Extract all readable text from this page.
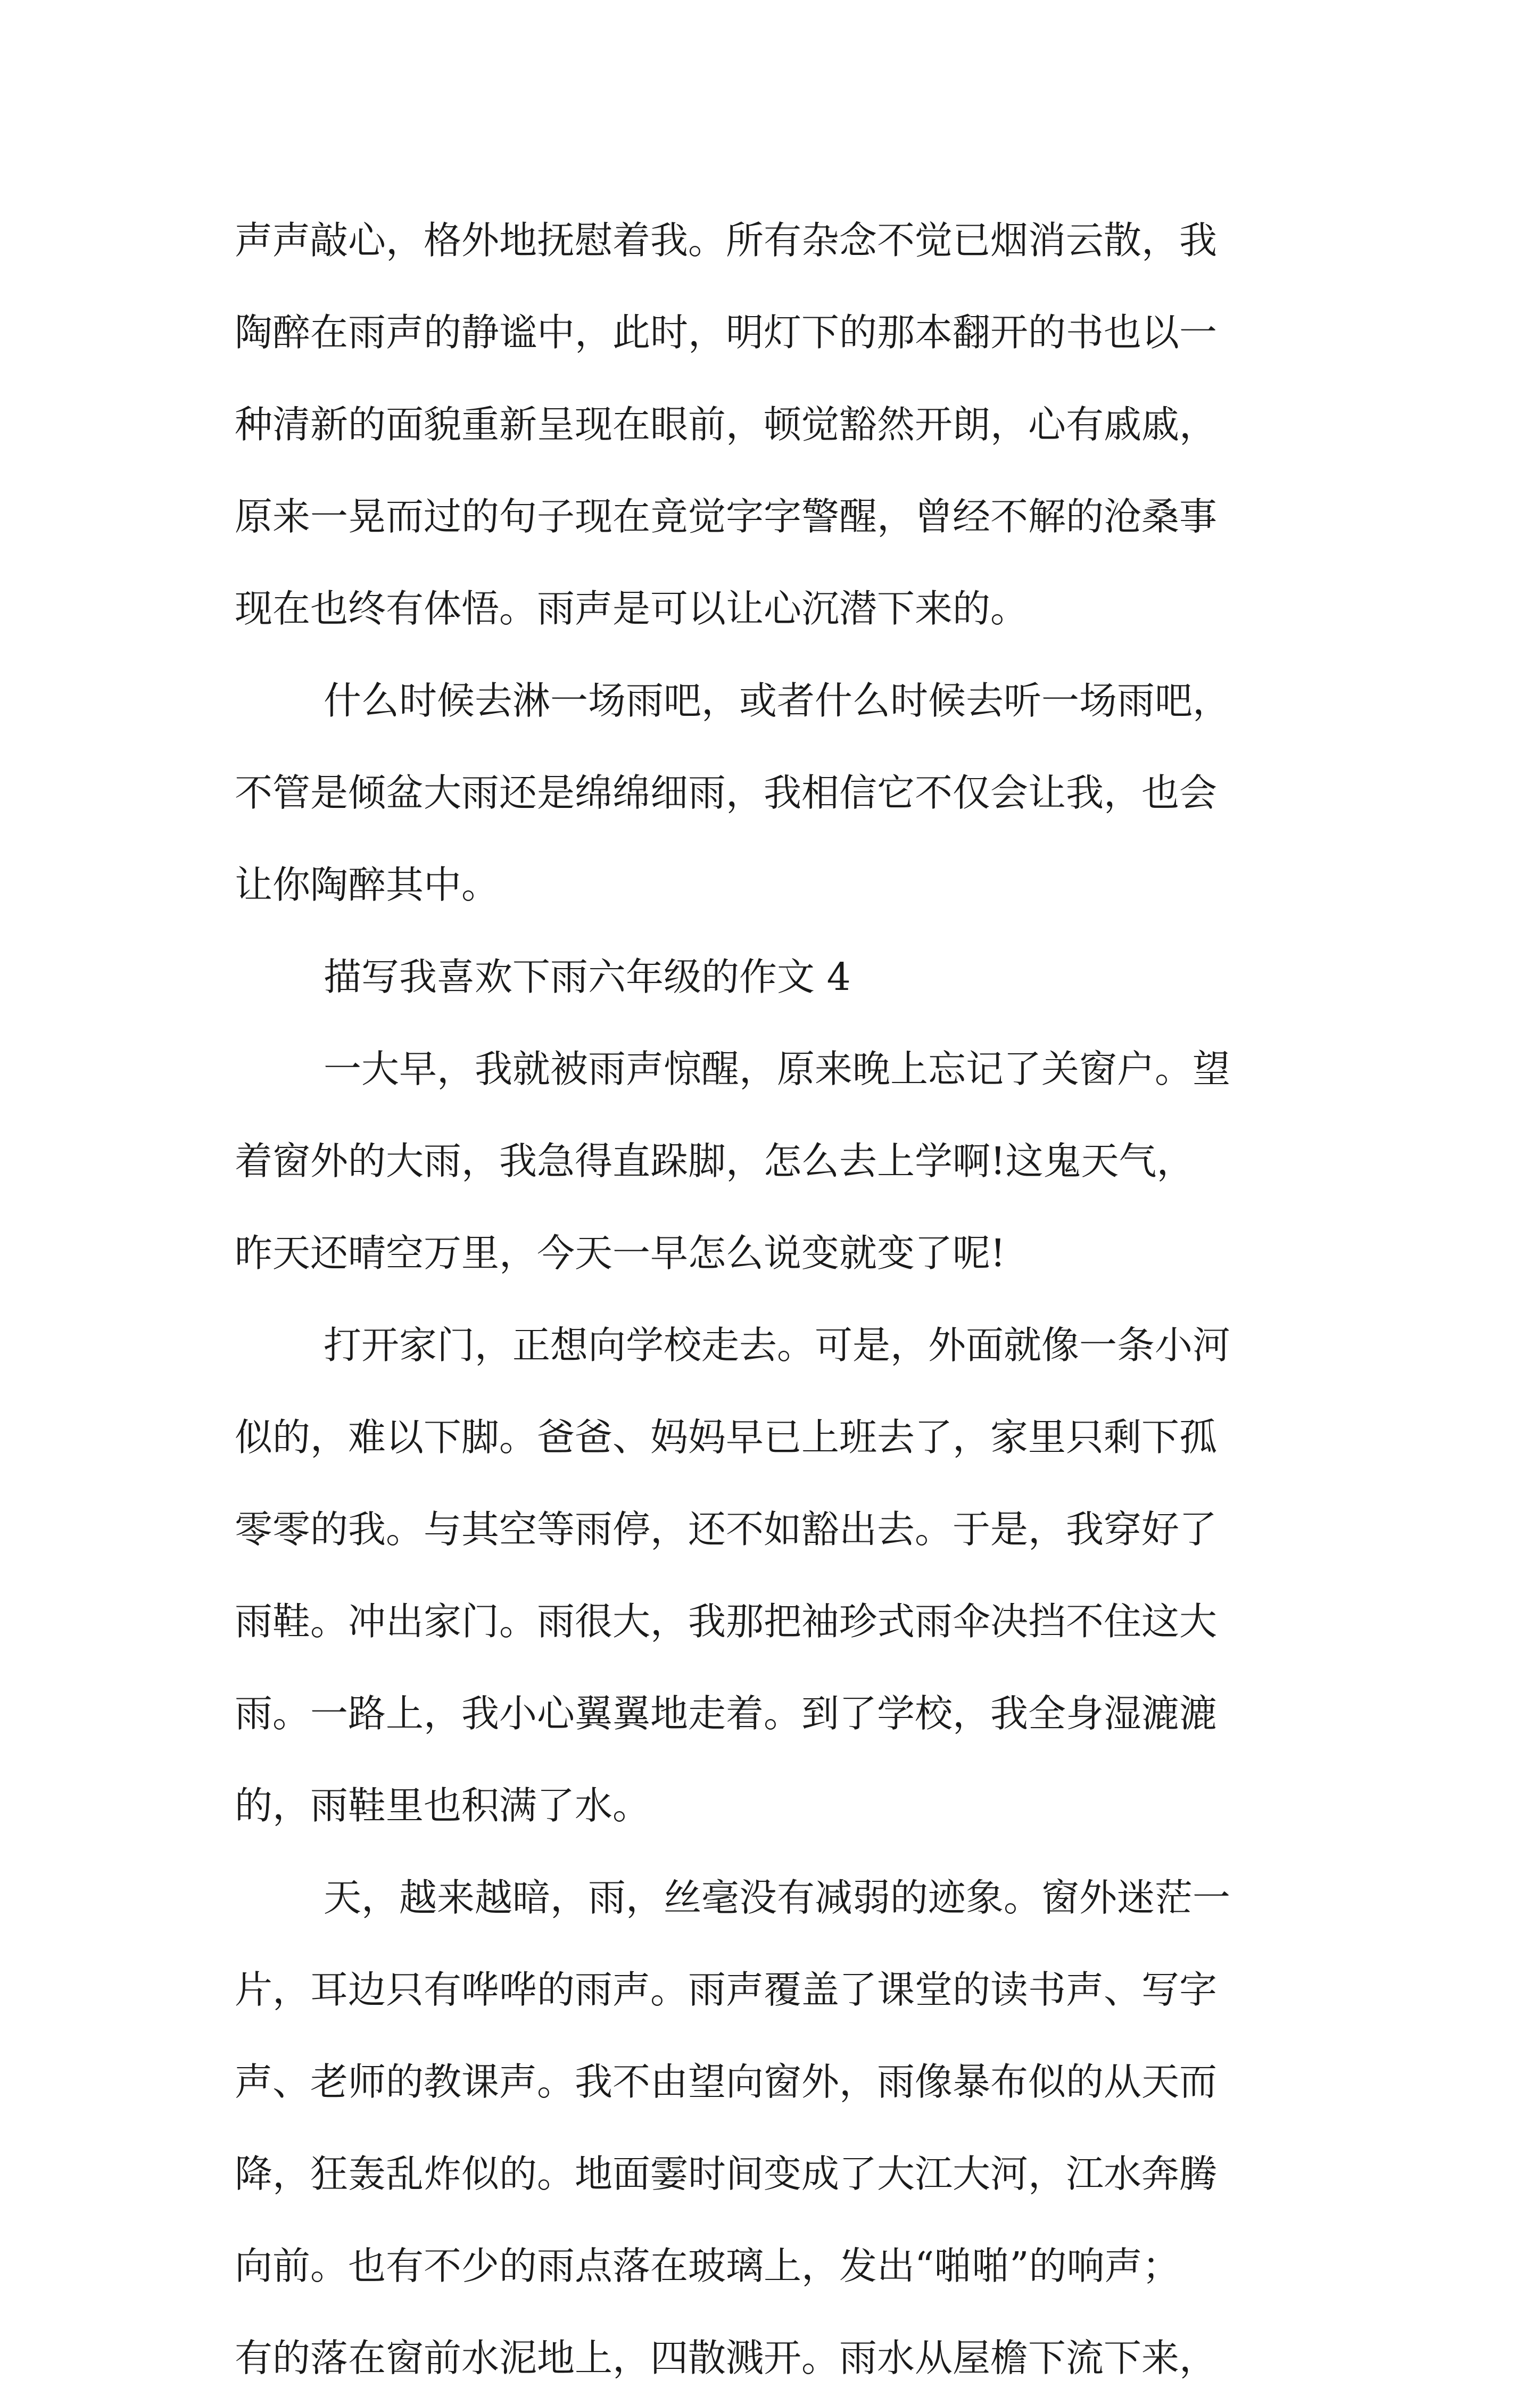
声声敲心，格外地抚慰着我。所有杂念不觉已烟消云散，我
陶醉在雨声的静谧中，此时，明灯下的那本翻开的书也以一
种清新的面貌重新呈现在眼前，顿觉豁然开朗，心有戚戚，
原来一晃而过的句子现在竟觉字字警醒，曾经不解的沧桑事
现在也终有体悟。雨声是可以让心沉潜下来的。
什么时候去淋一场雨吧，或者什么时候去听一场雨吧，
不管是倾盆大雨还是绵绵细雨，我相信它不仅会让我，也会
让你陶醉其中。
描写我喜欢下雨六年级的作文 4
一大早，我就被雨声惊醒，原来晚上忘记了关窗户。望
着窗外的大雨，我急得直跺脚，怎么去上学啊!这鬼天气，
昨天还晴空万里，今天一早怎么说变就变了呢!
打开家门，正想向学校走去。可是，外面就像一条小河
似的，难以下脚。爸爸、妈妈早已上班去了，家里只剩下孤
零零的我。与其空等雨停，还不如豁出去。于是，我穿好了
雨鞋。冲出家门。雨很大，我那把袖珍式雨伞决挡不住这大
雨。一路上，我小心翼翼地走着。到了学校，我全身湿漉漉
的，雨鞋里也积满了水。
天，越来越暗，雨，丝毫没有减弱的迹象。窗外迷茫一
片，耳边只有哗哗的雨声。雨声覆盖了课堂的读书声、写字
声、老师的教课声。我不由望向窗外，雨像暴布似的从天而
降，狂轰乱炸似的。地面霎时间变成了大江大河，江水奔腾
向前。也有不少的雨点落在玻璃上，发出“啪啪”的响声；
有的落在窗前水泥地上，四散溅开。雨水从屋檐下流下来，
